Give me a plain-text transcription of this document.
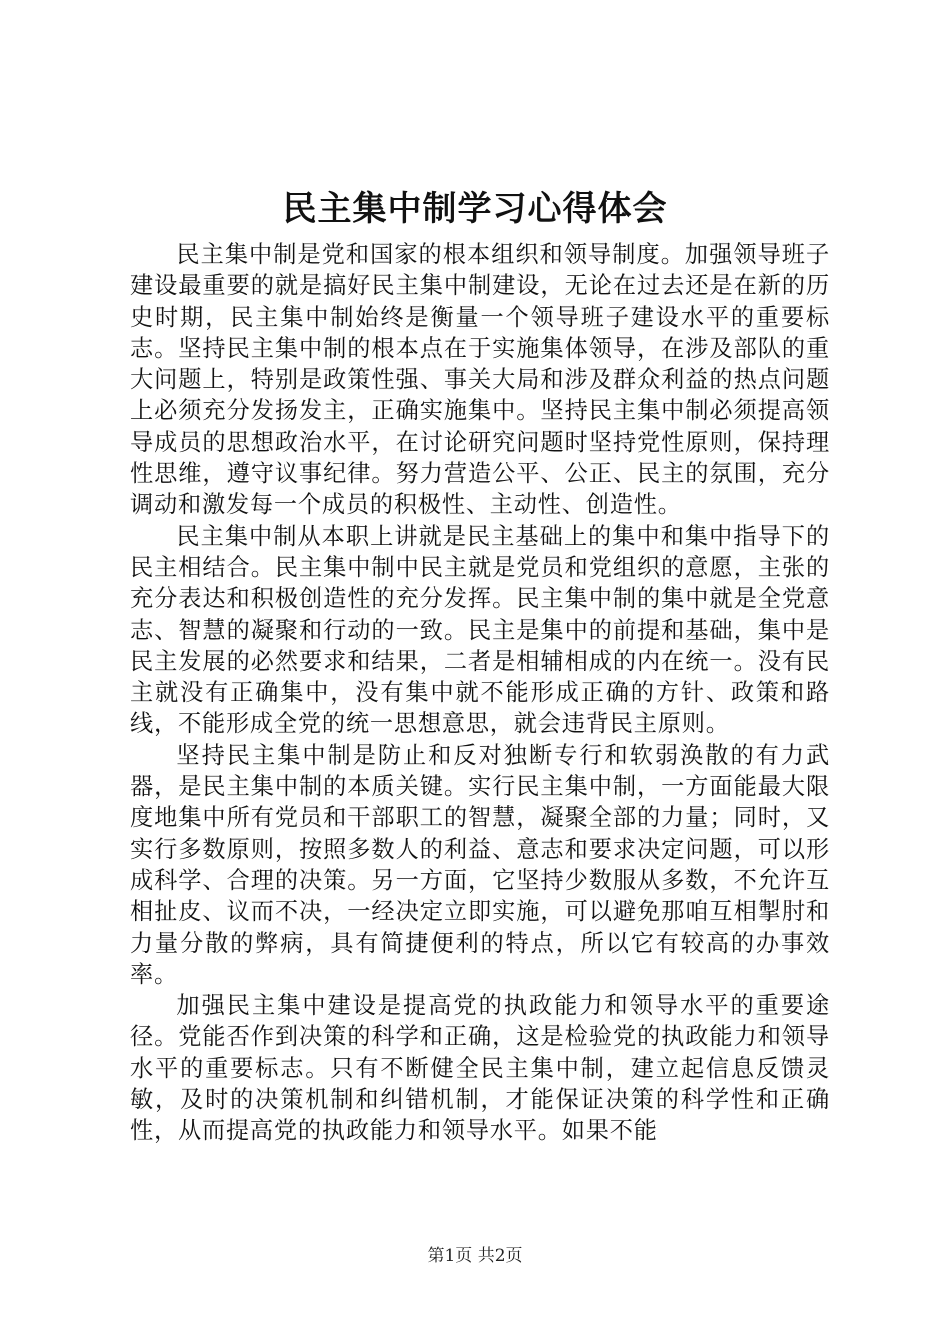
民主集中制学习心得体会

民主集中制是党和国家的根本组织和领导制度。加强领导班子建设最重要的就是搞好民主集中制建设，无论在过去还是在新的历史时期，民主集中制始终是衡量一个领导班子建设水平的重要标志。坚持民主集中制的根本点在于实施集体领导，在涉及部队的重大问题上，特别是政策性强、事关大局和涉及群众利益的热点问题上必须充分发扬发主，正确实施集中。坚持民主集中制必须提高领导成员的思想政治水平，在讨论研究问题时坚持党性原则，保持理性思维，遵守议事纪律。努力营造公平、公正、民主的氛围，充分调动和激发每一个成员的积极性、主动性、创造性。

民主集中制从本职上讲就是民主基础上的集中和集中指导下的民主相结合。民主集中制中民主就是党员和党组织的意愿，主张的充分表达和积极创造性的充分发挥。民主集中制的集中就是全党意志、智慧的凝聚和行动的一致。民主是集中的前提和基础，集中是民主发展的必然要求和结果，二者是相辅相成的内在统一。没有民主就没有正确集中，没有集中就不能形成正确的方针、政策和路线，不能形成全党的统一思想意思，就会违背民主原则。

坚持民主集中制是防止和反对独断专行和软弱涣散的有力武器，是民主集中制的本质关键。实行民主集中制，一方面能最大限度地集中所有党员和干部职工的智慧，凝聚全部的力量；同时，又实行多数原则，按照多数人的利益、意志和要求决定问题，可以形成科学、合理的决策。另一方面，它坚持少数服从多数，不允许互相扯皮、议而不决，一经决定立即实施，可以避免那咱互相掣肘和力量分散的弊病，具有简捷便利的特点，所以它有较高的办事效率。

加强民主集中建设是提高党的执政能力和领导水平的重要途径。党能否作到决策的科学和正确，这是检验党的执政能力和领导水平的重要标志。只有不断健全民主集中制，建立起信息反馈灵敏，及时的决策机制和纠错机制，才能保证决策的科学性和正确性，从而提高党的执政能力和领导水平。如果不能

第1页 共2页
